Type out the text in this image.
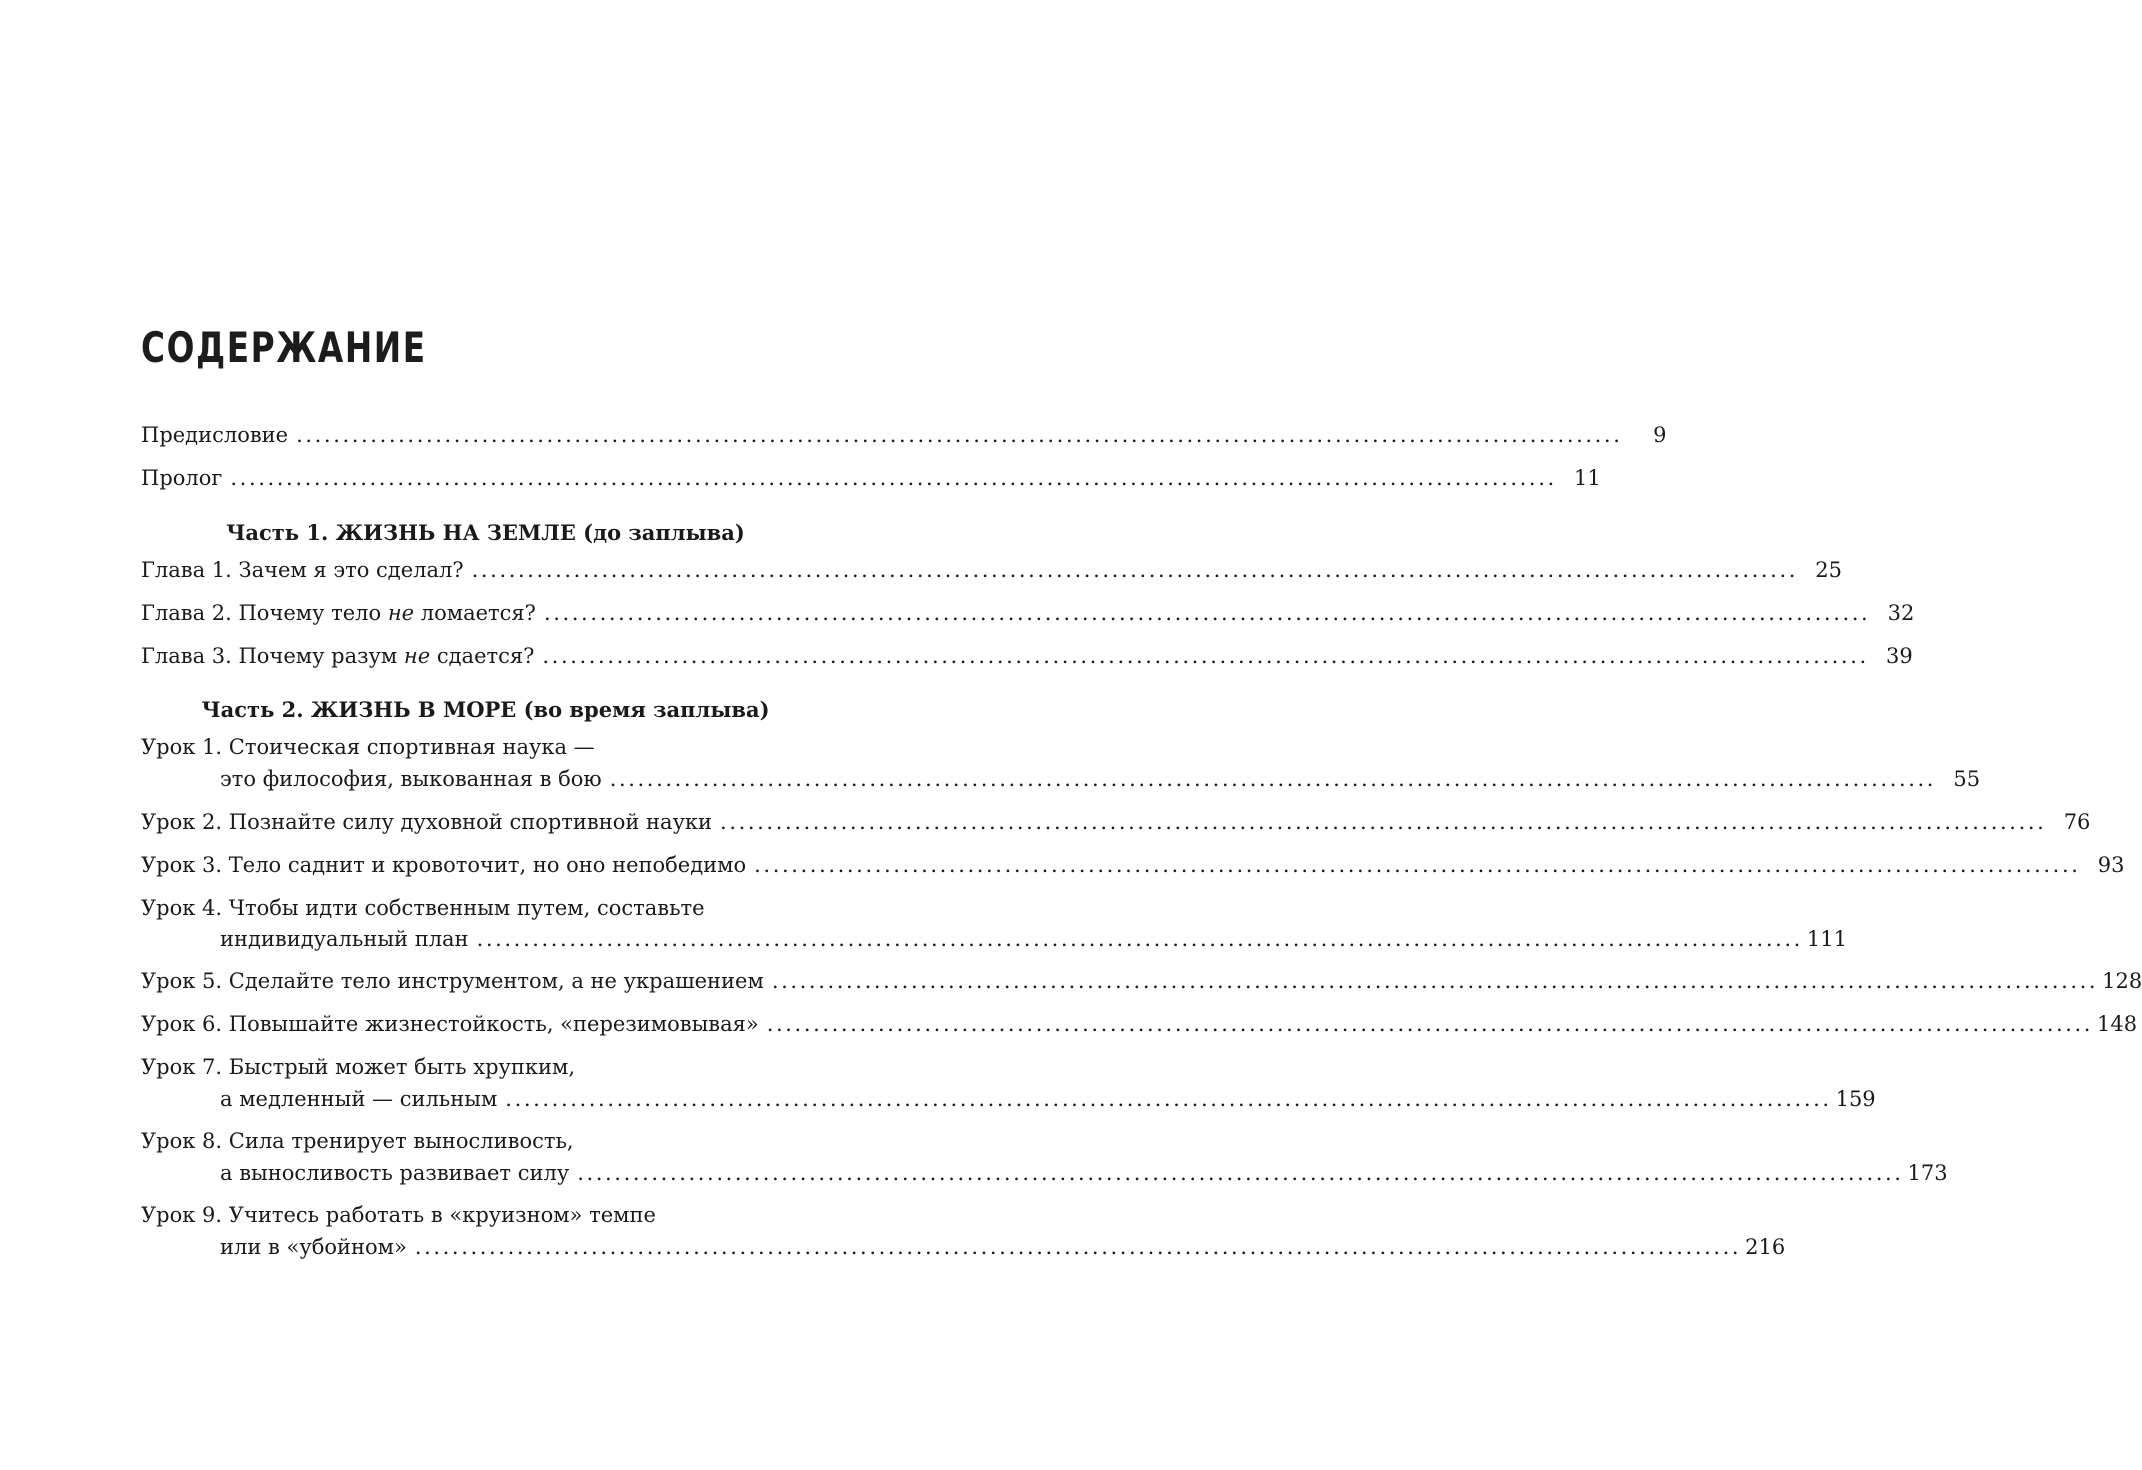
СОДЕРЖАНИЕ
Предисловие ...............................................................................................................................................	9
Пролог ............................................................................................................................................... 11
Часть 1. ЖИЗНЬ НА ЗЕМЛЕ (до заплыва)
Глава 1. Зачем я это сделал? ............................................................................................................................................... 25
Глава 2. Почему тело не ломается? ............................................................................................................................................... 32
Глава 3. Почему разум не сдается? ............................................................................................................................................... 39
Часть 2. ЖИЗНЬ В МОРЕ (во время заплыва)
Урок 1. Стоическая спортивная наука —
это философия, выкованная в бою ............................................................................................................................................... 55
Урок 2. Познайте силу духовной спортивной науки ............................................................................................................................................... 76
Урок 3. Тело саднит и кровоточит, но оно непобедимо ............................................................................................................................................... 93
Урок 4. Чтобы идти собственным путем, составьте
индивидуальный план ............................................................................................................................................... 111
Урок 5. Сделайте тело инструментом, а не украшением ............................................................................................................................................... 128
Урок 6. Повышайте жизнестойкость, «перезимовывая» ............................................................................................................................................... 148
Урок 7. Быстрый может быть хрупким,
а медленный — сильным ............................................................................................................................................... 159
Урок 8. Сила тренирует выносливость,
а выносливость развивает силу ............................................................................................................................................... 173
Урок 9. Учитесь работать в «круизном» темпе
или в «убойном» ............................................................................................................................................... 216
